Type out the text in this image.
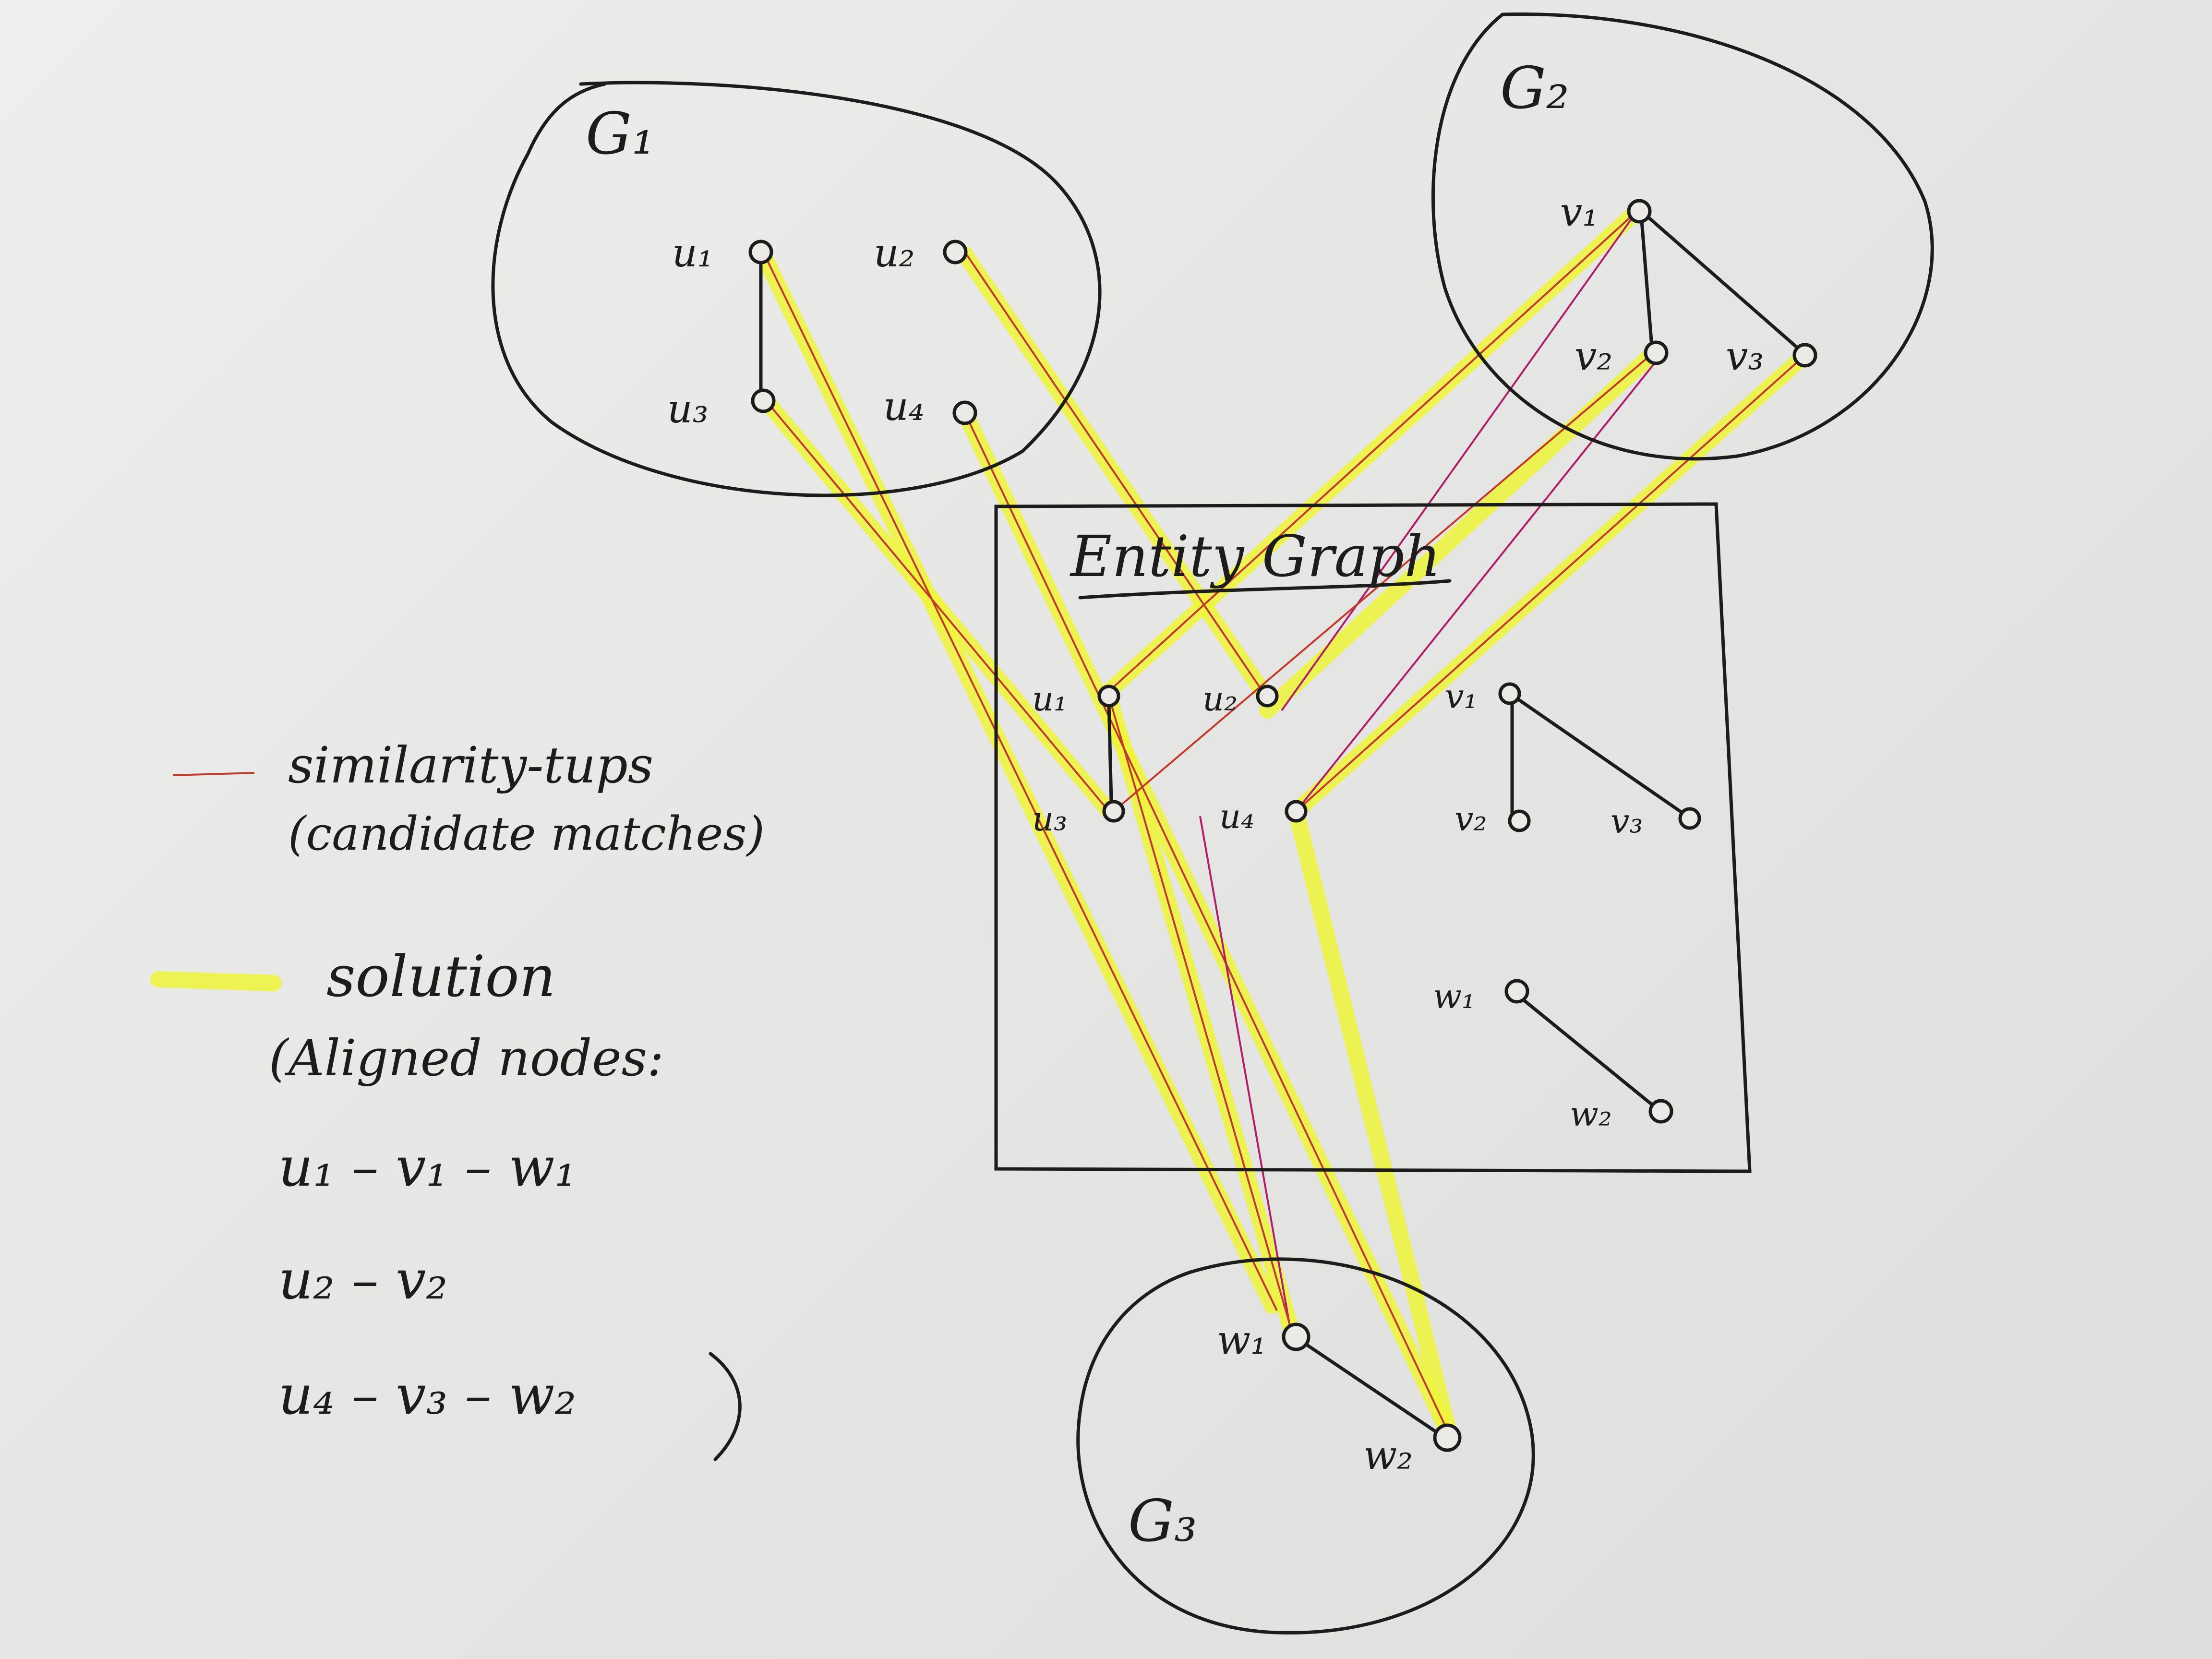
G₁
u₁	u₂
u₃	u₄
G₂
v₁
v₂	v₃
G₃
w₁
w₂
Entity Graph
u₁	u₂
u₃	u₄
v₁
v₂	v₃
w₁
w₂
similarity-tups
(candidate matches)
solution
(Aligned nodes:
u₁ – v₁ – w₁
u₂ – v₂
u₄ – v₃ – w₂
